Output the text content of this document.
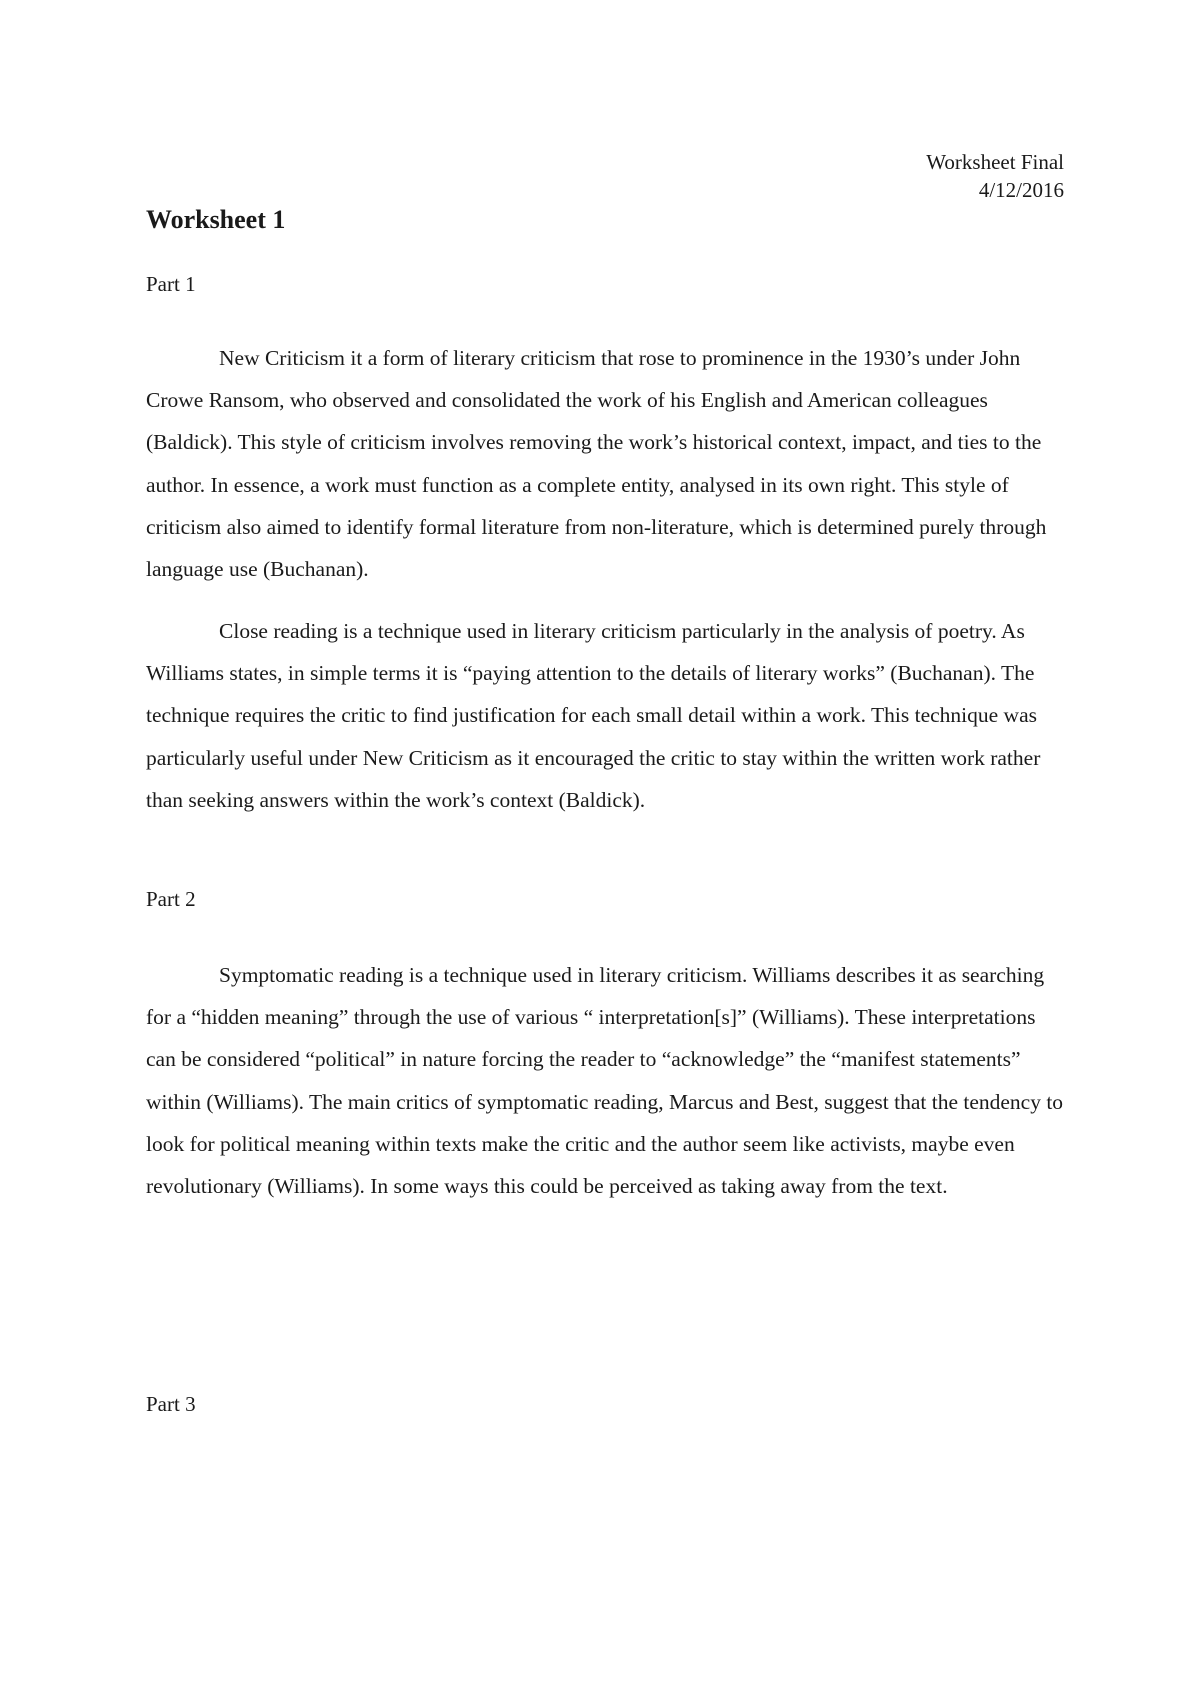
Worksheet Final
4/12/2016
Worksheet 1

Part 1

New Criticism it a form of literary criticism that rose to prominence in the 1930’s under John Crowe Ransom, who observed and consolidated the work of his English and American colleagues (Baldick). This style of criticism involves removing the work’s historical context, impact, and ties to the author. In essence, a work must function as a complete entity, analysed in its own right. This style of criticism also aimed to identify formal literature from non-literature, which is determined purely through language use (Buchanan).

Close reading is a technique used in literary criticism particularly in the analysis of poetry. As Williams states, in simple terms it is “paying attention to the details of literary works” (Buchanan). The technique requires the critic to find justification for each small detail within a work. This technique was particularly useful under New Criticism as it encouraged the critic to stay within the written work rather than seeking answers within the work’s context (Baldick).

Part 2

Symptomatic reading is a technique used in literary criticism. Williams describes it as searching for a “hidden meaning” through the use of various “ interpretation[s]” (Williams). These interpretations can be considered “political” in nature forcing the reader to “acknowledge” the “manifest statements” within (Williams). The main critics of symptomatic reading, Marcus and Best, suggest that the tendency to look for political meaning within texts make the critic and the author seem like activists, maybe even revolutionary (Williams). In some ways this could be perceived as taking away from the text.

Part 3
